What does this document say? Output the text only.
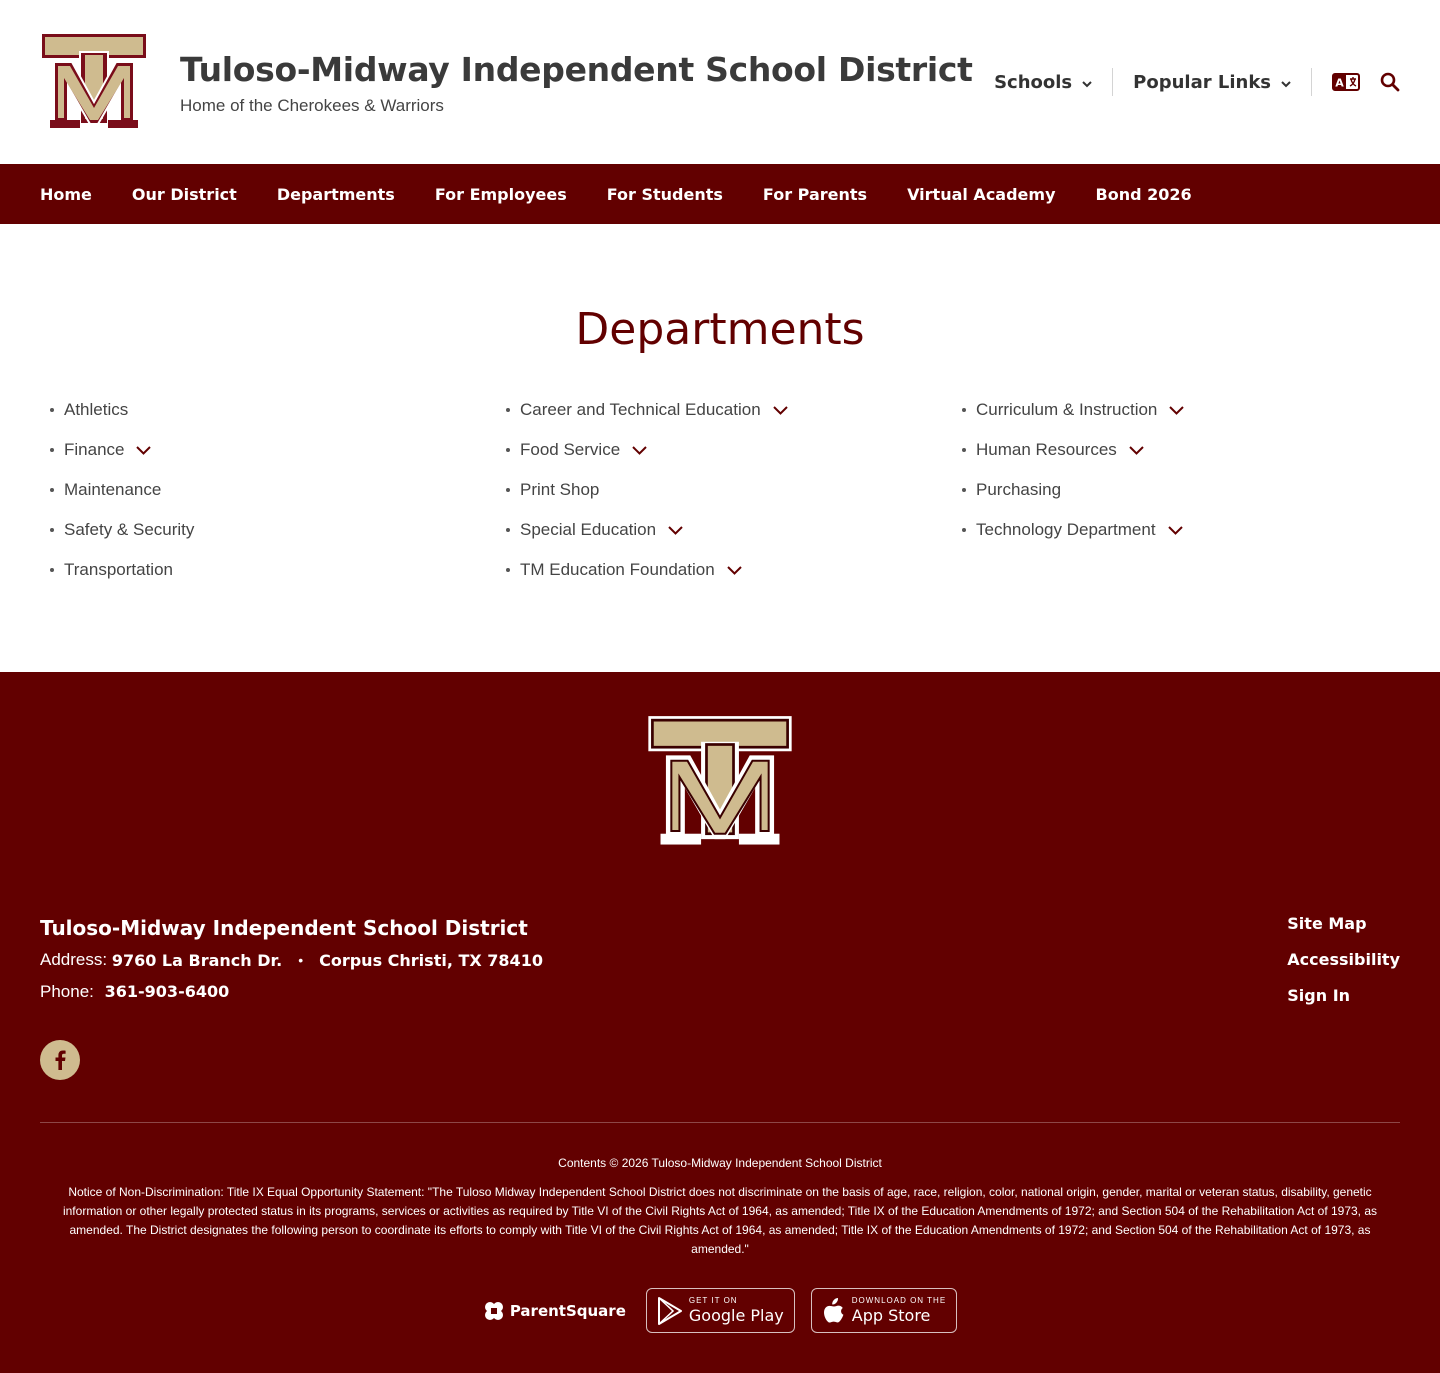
Tuloso-Midway Independent School District
Home of the Cherokees & Warriors
Schools	Popular Links	A
Home	Our District	Departments	For Employees	For Students	For Parents	Virtual Academy	Bond 2026
Departments
Athletics
Finance
Maintenance
Safety & Security
Transportation
Career and Technical Education
Food Service
Print Shop
Special Education
TM Education Foundation
Curriculum & Instruction
Human Resources
Purchasing
Technology Department
Tuloso-Midway Independent School District
Address:
9760 La Branch Dr. • Corpus Christi, TX 78410
Phone: 361-903-6400
Site Map
Accessibility
Sign In
Contents © 2026 Tuloso-Midway Independent School District
Notice of Non-Discrimination: Title IX Equal Opportunity Statement: "The Tuloso Midway Independent School District does not discriminate on the basis of age, race, religion, color, national origin, gender, marital or veteran status, disability, genetic information or other legally protected status in its programs, services or activities as required by Title VI of the Civil Rights Act of 1964, as amended; Title IX of the Education Amendments of 1972; and Section 504 of the Rehabilitation Act of 1973, as amended. The District designates the following person to coordinate its efforts to comply with Title VI of the Civil Rights Act of 1964, as amended; Title IX of the Education Amendments of 1972; and Section 504 of the Rehabilitation Act of 1973, as amended."
ParentSquare
GET IT ON
Google Play
DOWNLOAD ON THE
App Store
